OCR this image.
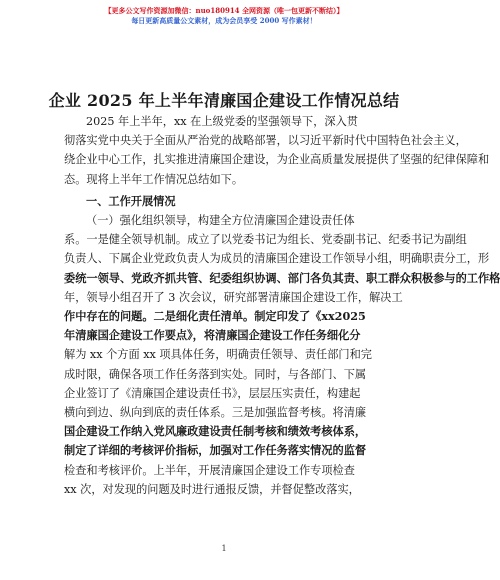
【更多公文写作资源加微信：nuo180914 全网资源（唯一包更新不断结）】
每日更新高质量公文素材，成为会员享受 2000 写作素材！
企业 2025 年上半年清廉国企建设工作情况总结

2025 年上半年，xx 在上级党委的坚强领导下，深入贯

彻落实党中央关于全面从严治党的战略部署，以习近平新时代中国特色社会主义，

绕企业中心工作，扎实推进清廉国企建设，为企业高质量发展提供了坚强的纪律保障和

态。现将上半年工作情况总结如下。

一、工作开展情况

（一）强化组织领导，构建全方位清廉国企建设责任体

系。一是健全领导机制。成立了以党委书记为组长、党委副书记、纪委书记为副组

负责人、下属企业党政负责人为成员的清廉国企建设工作领导小组，明确职责分工，形

委统一领导、党政齐抓共管、纪委组织协调、部门各负其责、职工群众积极参与的工作格

年，领导小组召开了 3 次会议，研究部署清廉国企建设工作，解决工

作中存在的问题。二是细化责任清单。制定印发了《xx2025

年清廉国企建设工作要点》，将清廉国企建设工作任务细化分

解为 xx 个方面 xx 项具体任务，明确责任领导、责任部门和完

成时限，确保各项工作任务落到实处。同时，与各部门、下属

企业签订了《清廉国企建设责任书》，层层压实责任，构建起

横向到边、纵向到底的责任体系。三是加强监督考核。将清廉

国企建设工作纳入党风廉政建设责任制考核和绩效考核体系，

制定了详细的考核评价指标，加强对工作任务落实情况的监督

检查和考核评价。上半年，开展清廉国企建设工作专项检查

xx 次，对发现的问题及时进行通报反馈，并督促整改落实，

1
